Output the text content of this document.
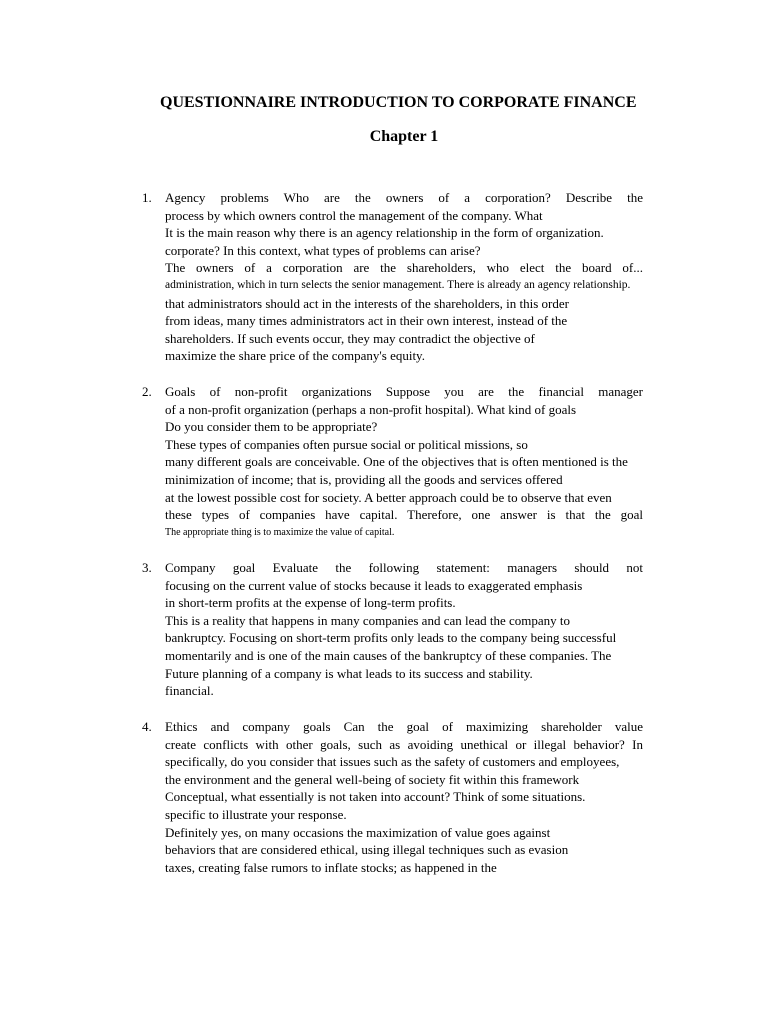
QUESTIONNAIRE INTRODUCTION TO CORPORATE FINANCE
Chapter 1
1. Agency problems Who are the owners of a corporation? Describe the
process by which owners control the management of the company. What
It is the main reason why there is an agency relationship in the form of organization.
corporate? In this context, what types of problems can arise?
The owners of a corporation are the shareholders, who elect the board of...
administration, which in turn selects the senior management. There is already an agency relationship.
that administrators should act in the interests of the shareholders, in this order
from ideas, many times administrators act in their own interest, instead of the
shareholders. If such events occur, they may contradict the objective of
maximize the share price of the company's equity.
2. Goals of non-profit organizations Suppose you are the financial manager
of a non-profit organization (perhaps a non-profit hospital). What kind of goals
Do you consider them to be appropriate?
These types of companies often pursue social or political missions, so
many different goals are conceivable. One of the objectives that is often mentioned is the
minimization of income; that is, providing all the goods and services offered
at the lowest possible cost for society. A better approach could be to observe that even
these types of companies have capital. Therefore, one answer is that the goal
The appropriate thing is to maximize the value of capital.
3. Company goal Evaluate the following statement: managers should not
focusing on the current value of stocks because it leads to exaggerated emphasis
in short-term profits at the expense of long-term profits.
This is a reality that happens in many companies and can lead the company to
bankruptcy. Focusing on short-term profits only leads to the company being successful
momentarily and is one of the main causes of the bankruptcy of these companies. The
Future planning of a company is what leads to its success and stability.
financial.
4. Ethics and company goals Can the goal of maximizing shareholder value
create conflicts with other goals, such as avoiding unethical or illegal behavior? In
specifically, do you consider that issues such as the safety of customers and employees,
the environment and the general well-being of society fit within this framework
Conceptual, what essentially is not taken into account? Think of some situations.
specific to illustrate your response.
Definitely yes, on many occasions the maximization of value goes against
behaviors that are considered ethical, using illegal techniques such as evasion
taxes, creating false rumors to inflate stocks; as happened in the
